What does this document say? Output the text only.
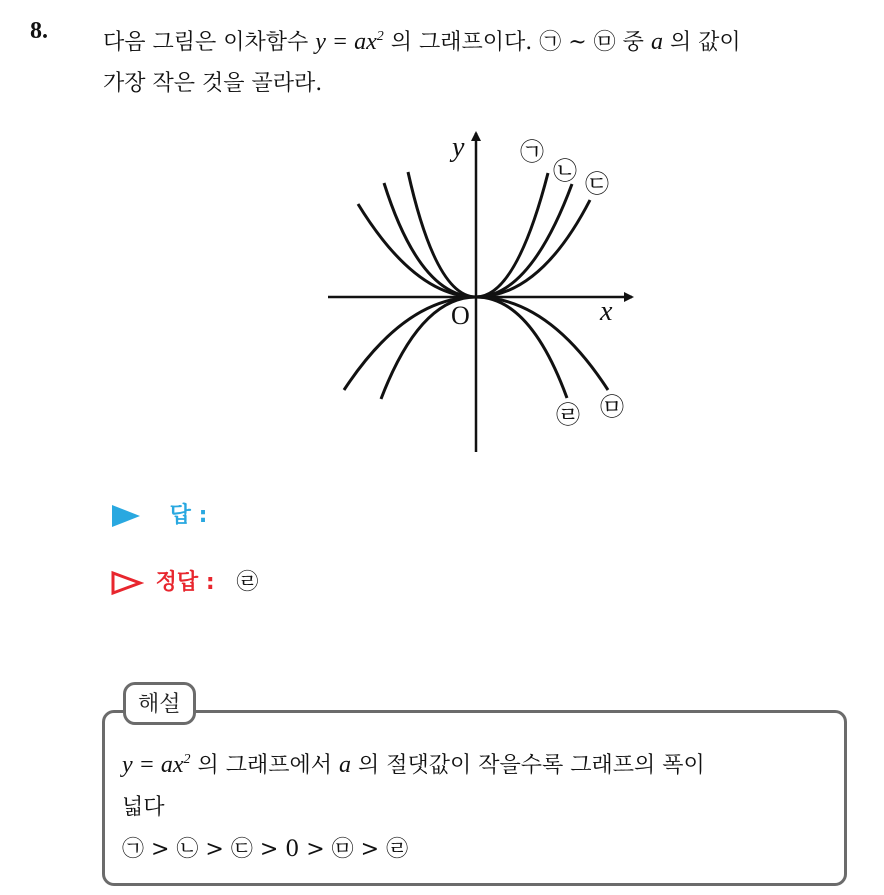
8.	다음 그림은 이차함수 $y = ax^2$ 의 그래프이다. ㉠ ~ ㉤ 중 a 의 값이
가장 작은 것을 골라라.
y
x
O
㉠
㉡ ㉢
㉣ ㉤
답 :
정답 : ㉣
해설
$y = ax^2$ 의 그래프에서 a 의 절댓값이 작을수록 그래프의 폭이
넓다
㉠ > ㉡ > ㉢ > 0 > ㉤ > ㉣
